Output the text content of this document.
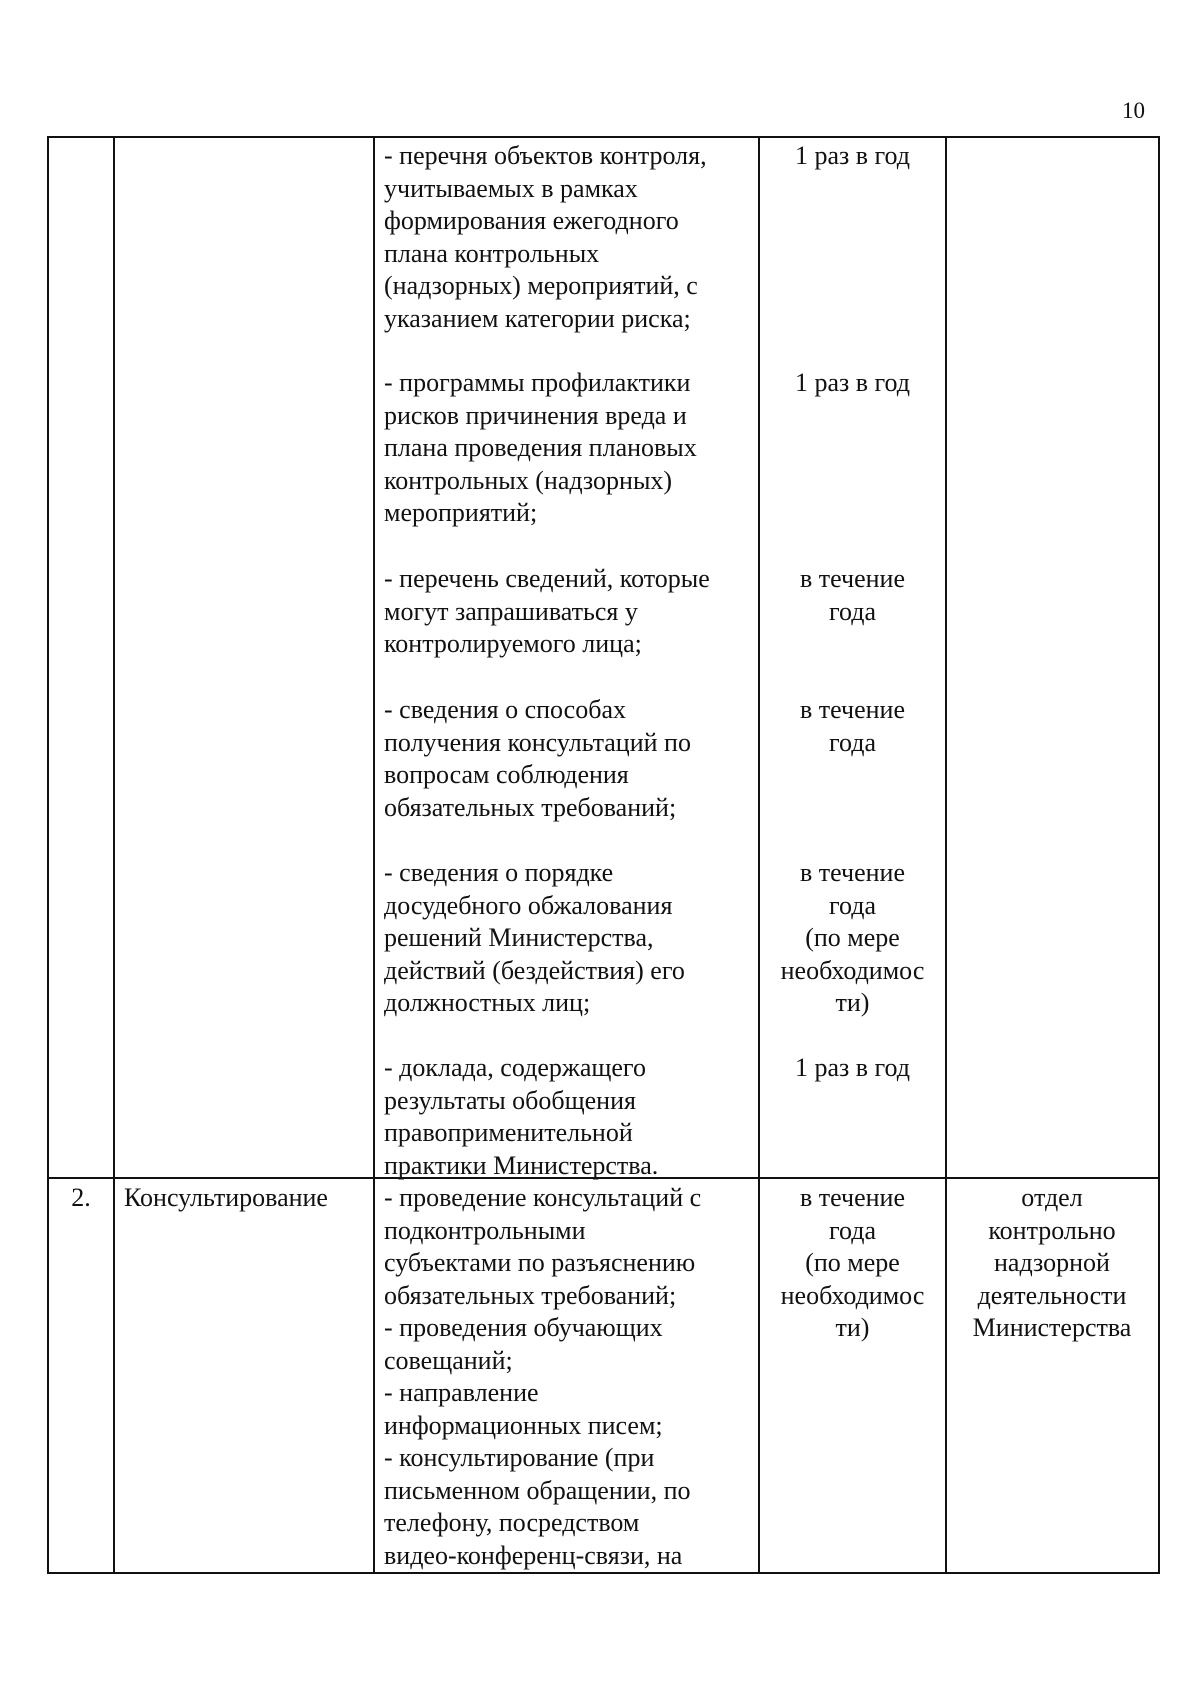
10
- перечня объектов контроля,
учитываемых в рамках
формирования ежегодного
плана контрольных
(надзорных) мероприятий, с
указанием категории риска;
1 раз в год
- программы профилактики
рисков причинения вреда и
плана проведения плановых
контрольных (надзорных)
мероприятий;
1 раз в год
- перечень сведений, которые
могут запрашиваться у
контролируемого лица;
в течение
года
- сведения о способах
получения консультаций по
вопросам соблюдения
обязательных требований;
в течение
года
- сведения о порядке
досудебного обжалования
решений Министерства,
действий (бездействия) его
должностных лиц;
в течение
года
(по мере
необходимос
ти)
- доклада, содержащего
результаты обобщения
правоприменительной
практики Министерства.
1 раз в год
2.	Консультирование	- проведение консультаций с
подконтрольными
субъектами по разъяснению
обязательных требований;
- проведения обучающих
совещаний;
- направление
информационных писем;
- консультирование (при
письменном обращении, по
телефону, посредством
видео-конференц-связи, на
в течение
года
(по мере
необходимос
ти)
отдел
контрольно
надзорной
деятельности
Министерства
